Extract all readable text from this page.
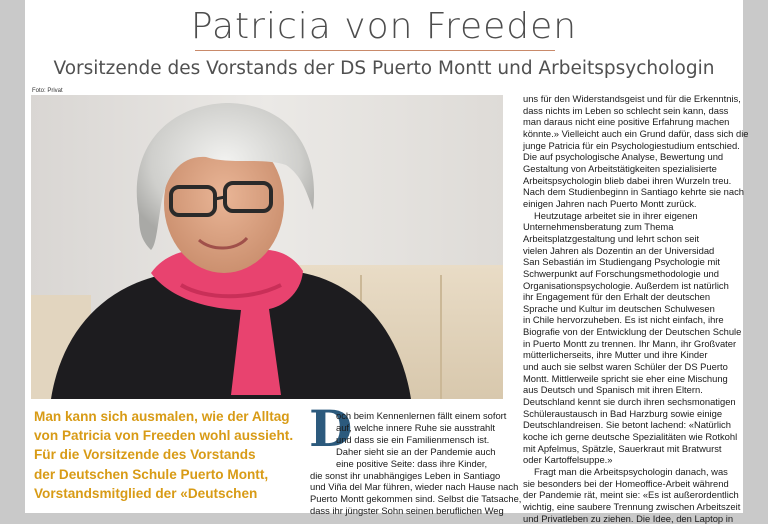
Patricia von Freeden
Vorsitzende des Vorstands der DS Puerto Montt und Arbeitspsychologin
Foto: Privat
Man kann sich ausmalen, wie der Alltag
von Patricia von Freeden wohl aussieht.
Für die Vorsitzende des Vorstands
der Deutschen Schule Puerto Montt,
Vorstandsmitglied der «Deutschen
D
och beim Kennenlernen fällt einem sofort
auf, welche innere Ruhe sie ausstrahlt
und dass sie ein Familienmensch ist.
Daher sieht sie an der Pandemie auch
eine positive Seite: dass ihre Kinder,
die sonst ihr unabhängiges Leben in Santiago
und Viña del Mar führen, wieder nach Hause nach
Puerto Montt gekommen sind. Selbst die Tatsache,
dass ihr jüngster Sohn seinen beruflichen Weg
uns für den Widerstandsgeist und für die Erkenntnis,
dass nichts im Leben so schlecht sein kann, dass
man daraus nicht eine positive Erfahrung machen
könnte.» Vielleicht auch ein Grund dafür, dass sich die
junge Patricia für ein Psychologiestudium entschied.
Die auf psychologische Analyse, Bewertung und
Gestaltung von Arbeitstätigkeiten spezialisierte
Arbeitspsychologin blieb dabei ihren Wurzeln treu.
Nach dem Studienbeginn in Santiago kehrte sie nach
einigen Jahren nach Puerto Montt zurück.
Heutzutage arbeitet sie in ihrer eigenen
Unternehmensberatung zum Thema
Arbeitsplatzgestaltung und lehrt schon seit
vielen Jahren als Dozentin an der Universidad
San Sebastián im Studiengang Psychologie mit
Schwerpunkt auf Forschungsmethodologie und
Organisationspsychologie. Außerdem ist natürlich
ihr Engagement für den Erhalt der deutschen
Sprache und Kultur im deutschen Schulwesen
in Chile hervorzuheben. Es ist nicht einfach, ihre
Biografie von der Entwicklung der Deutschen Schule
in Puerto Montt zu trennen. Ihr Mann, ihr Großvater
mütterlicherseits, ihre Mutter und ihre Kinder
und auch sie selbst waren Schüler der DS Puerto
Montt. Mittlerweile spricht sie eher eine Mischung
aus Deutsch und Spanisch mit ihren Eltern.
Deutschland kennt sie durch ihren sechsmonatigen
Schüleraustausch in Bad Harzburg sowie einige
Deutschlandreisen. Sie betont lachend: «Natürlich
koche ich gerne deutsche Spezialitäten wie Rotkohl
mit Apfelmus, Spätzle, Sauerkraut mit Bratwurst
oder Kartoffelsuppe.»
Fragt man die Arbeitspsychologin danach, was
sie besonders bei der Homeoffice-Arbeit während
der Pandemie rät, meint sie: «Es ist außerordentlich
wichtig, eine saubere Trennung zwischen Arbeitszeit
und Privatleben zu ziehen. Die Idee, den Laptop in
